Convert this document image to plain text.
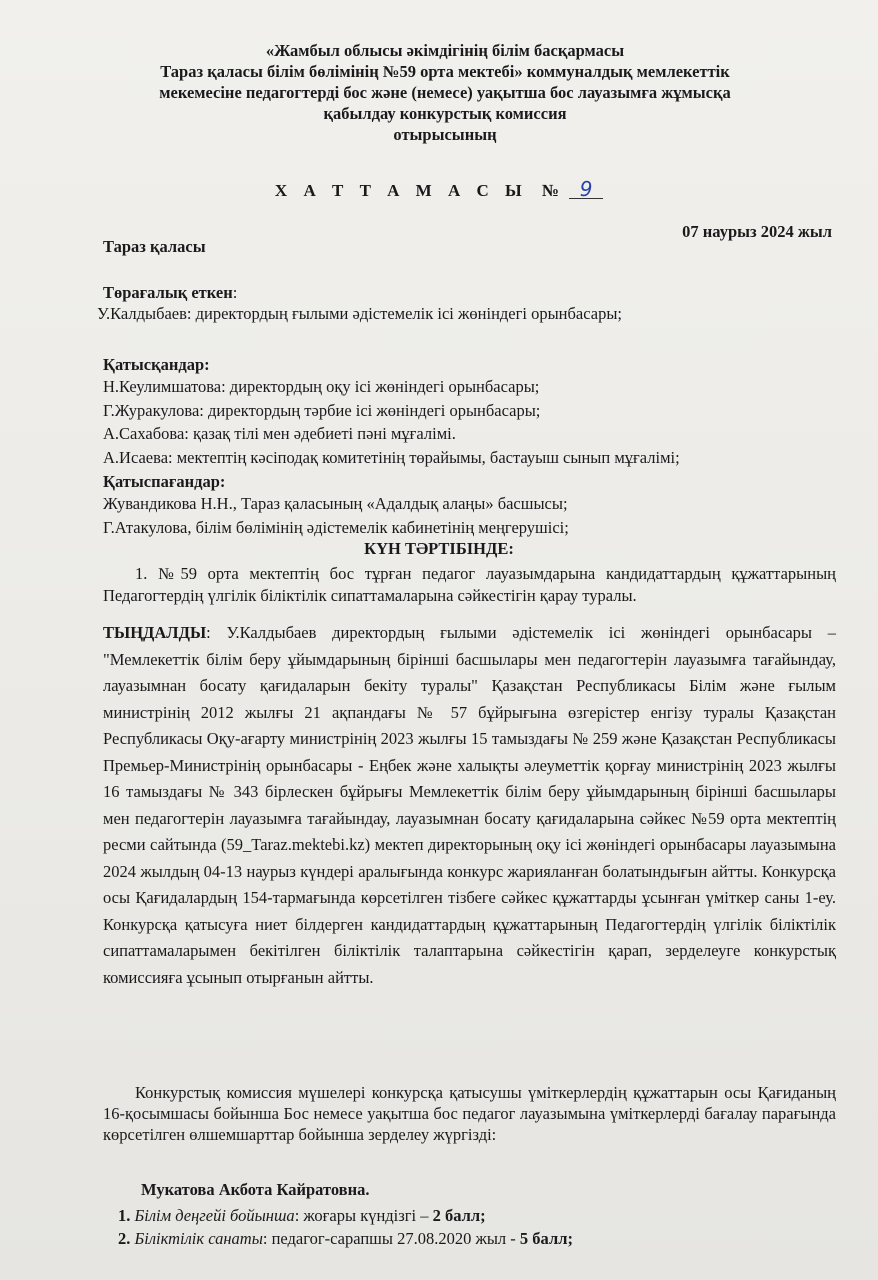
«Жамбыл облысы әкімдігінің білім басқармасы
Тараз қаласы білім бөлімінің №59 орта мектебі» коммуналдық мемлекеттік
мекемесіне педагогтерді бос және (немесе) уақытша бос лауазымға жұмысқа
қабылдау конкурстық комиссия
отырысының
Х А Т Т А М А С Ы № 9
Тараз қаласы
07 наурыз 2024 жыл
Төрағалық еткен:
У.Калдыбаев: директордың ғылыми әдістемелік ісі жөніндегі орынбасары;
Қатысқандар:
Н.Кеулимшатова: директордың оқу ісі жөніндегі орынбасары;
Г.Журакулова: директордың тәрбие ісі жөніндегі орынбасары;
А.Сахабова: қазақ тілі мен әдебиеті пәні мұғалімі.
А.Исаева: мектептің кәсіподақ комитетінің төрайымы, бастауыш сынып мұғалімі;
Қатыспағандар:
Жувандикова Н.Н., Тараз қаласының «Адалдық алаңы» басшысы;
Г.Атакулова, білім бөлімінің әдістемелік кабинетінің меңгерушісі;
КҮН ТӘРТІБІНДЕ:
1. №59 орта мектептің бос тұрған педагог лауазымдарына кандидаттардың құжаттарының Педагогтердің үлгілік біліктілік сипаттамаларына сәйкестігін қарау туралы.
ТЫҢДАЛДЫ: У.Калдыбаев директордың ғылыми әдістемелік ісі жөніндегі орынбасары – "Мемлекеттік білім беру ұйымдарының бірінші басшылары мен педагогтерін лауазымға тағайындау, лауазымнан босату қағидаларын бекіту туралы" Қазақстан Республикасы Білім және ғылым министрінің 2012 жылғы 21 ақпандағы № 57 бұйрығына өзгерістер енгізу туралы Қазақстан Республикасы Оқу-ағарту министрінің 2023 жылғы 15 тамыздағы № 259 және Қазақстан Республикасы Премьер-Министрінің орынбасары - Еңбек және халықты әлеуметтік қорғау министрінің 2023 жылғы 16 тамыздағы № 343 бірлескен бұйрығы Мемлекеттік білім беру ұйымдарының бірінші басшылары мен педагогтерін лауазымға тағайындау, лауазымнан босату қағидаларына сәйкес №59 орта мектептің ресми сайтында (59_Taraz.mektebi.kz) мектеп директорының оқу ісі жөніндегі орынбасары лауазымына 2024 жылдың 04-13 наурыз күндері аралығында конкурс жарияланған болатындығын айтты. Конкурсқа осы Қағидалардың 154-тармағында көрсетілген тізбеге сәйкес құжаттарды ұсынған үміткер саны 1-еу. Конкурсқа қатысуға ниет білдерген кандидаттардың құжаттарының Педагогтердің үлгілік біліктілік сипаттамаларымен бекітілген біліктілік талаптарына сәйкестігін қарап, зерделеуге конкурстық комиссияға ұсынып отырғанын айтты.
Конкурстық комиссия мүшелері конкурсқа қатысушы үміткерлердің құжаттарын осы Қағиданың 16-қосымшасы бойынша Бос немесе уақытша бос педагог лауазымына үміткерлерді бағалау парағында көрсетілген өлшемшарттар бойынша зерделеу жүргізді:
Мукатова Акбота Кайратовна.
1. Білім деңгейі бойынша: жоғары күндізгі – 2 балл;
2. Біліктілік санаты: педагог-сарапшы 27.08.2020 жыл - 5 балл;
